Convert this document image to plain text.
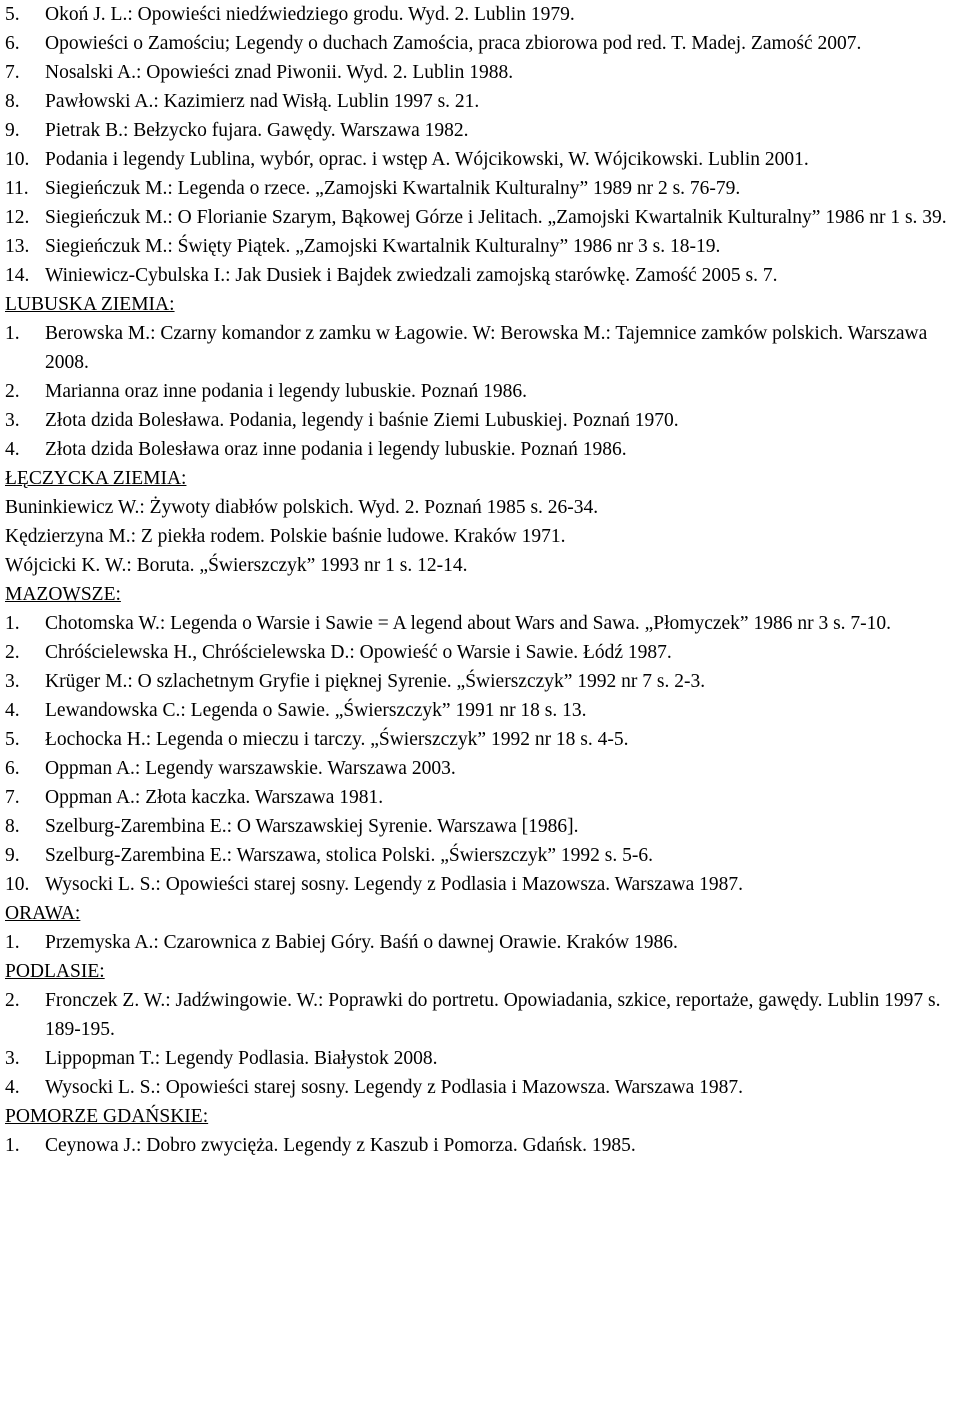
5.	Okoń J. L.: Opowieści niedźwiedziego grodu. Wyd. 2. Lublin 1979.
6.	Opowieści o Zamościu; Legendy o duchach Zamościa, praca zbiorowa pod red. T. Madej. Zamość 2007.
7.	Nosalski A.: Opowieści znad Piwonii. Wyd. 2. Lublin 1988.
8.	Pawłowski A.: Kazimierz nad Wisłą. Lublin 1997 s. 21.
9.	Pietrak B.: Bełzycko fujara. Gawędy. Warszawa 1982.
10. Podania i legendy Lublina, wybór, oprac. i wstęp A. Wójcikowski, W. Wójcikowski. Lublin 2001.
11. Siegieńczuk M.: Legenda o rzece. „Zamojski Kwartalnik Kulturalny” 1989 nr 2 s. 76-79.
12. Siegieńczuk M.: O Florianie Szarym, Bąkowej Górze i Jelitach. „Zamojski Kwartalnik Kulturalny” 1986 nr 1 s. 39.
13. Siegieńczuk M.: Święty Piątek. „Zamojski Kwartalnik Kulturalny” 1986 nr 3 s. 18-19.
14. Winiewicz-Cybulska I.: Jak Dusiek i Bajdek zwiedzali zamojską starówkę. Zamość 2005 s. 7.
LUBUSKA ZIEMIA:
1.	Berowska M.: Czarny komandor z zamku w Łagowie. W: Berowska M.: Tajemnice zamków polskich. Warszawa 2008.
2.	Marianna oraz inne podania i legendy lubuskie. Poznań 1986.
3.	Złota dzida Bolesława. Podania, legendy i baśnie Ziemi Lubuskiej. Poznań 1970.
4.	Złota dzida Bolesława oraz inne podania i legendy lubuskie. Poznań 1986.
ŁĘCZYCKA ZIEMIA:
Buninkiewicz W.: Żywoty diabłów polskich. Wyd. 2. Poznań 1985 s. 26-34.
Kędzierzyna M.: Z piekła rodem. Polskie baśnie ludowe. Kraków 1971.
Wójcicki K. W.: Boruta. „Świerszczyk” 1993 nr 1 s. 12-14.
MAZOWSZE:
1.	Chotomska W.: Legenda o Warsie i Sawie = A legend about Wars and Sawa. „Płomyczek” 1986 nr 3 s. 7-10.
2.	Chróścielewska H., Chróścielewska D.: Opowieść o Warsie i Sawie. Łódź 1987.
3.	Krüger M.: O szlachetnym Gryfie i pięknej Syrenie. „Świerszczyk” 1992 nr 7 s. 2-3.
4.	Lewandowska C.: Legenda o Sawie. „Świerszczyk” 1991 nr 18 s. 13.
5.	Łochocka H.: Legenda o mieczu i tarczy. „Świerszczyk” 1992 nr 18 s. 4-5.
6.	Oppman A.: Legendy warszawskie. Warszawa 2003.
7.	Oppman A.: Złota kaczka. Warszawa 1981.
8.	Szelburg-Zarembina E.: O Warszawskiej Syrenie. Warszawa [1986].
9.	Szelburg-Zarembina E.: Warszawa, stolica Polski. „Świerszczyk” 1992 s. 5-6.
10. Wysocki L. S.: Opowieści starej sosny. Legendy z Podlasia i Mazowsza. Warszawa 1987.
ORAWA:
1.	Przemyska A.: Czarownica z Babiej Góry. Baśń o dawnej Orawie. Kraków 1986.
PODLASIE:
2.	Fronczek Z. W.: Jadźwingowie. W.: Poprawki do portretu. Opowiadania, szkice, reportaże, gawędy. Lublin 1997 s. 189-195.
3.	Lippopman T.: Legendy Podlasia. Białystok 2008.
4.	Wysocki L. S.: Opowieści starej sosny. Legendy z Podlasia i Mazowsza. Warszawa 1987.
POMORZE GDAŃSKIE:
1.	Ceynowa J.: Dobro zwycięża. Legendy z Kaszub i Pomorza. Gdańsk. 1985.
